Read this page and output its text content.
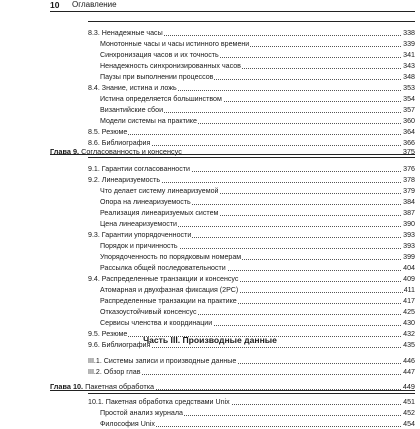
10 Оглавление
8.3. Ненадежные часы	338
Монотонные часы и часы истинного времени	339
Синхронизация часов и их точность	341
Ненадежность синхронизированных часов	343
Паузы при выполнении процессов	348
8.4. Знание, истина и ложь	353
Истина определяется большинством	354
Византийские сбои	357
Модели системы на практике	360
8.5. Резюме	364
8.6. Библиография	366
Глава 9. Согласованность и консенсус	375
9.1. Гарантии согласованности	376
9.2. Линеаризуемость	378
Что делает систему линеаризуемой	379
Опора на линеаризуемость	384
Реализация линеаризуемых систем	387
Цена линеаризуемости	390
9.3. Гарантии упорядоченности	393
Порядок и причинность	393
Упорядоченность по порядковым номерам	399
Рассылка общей последовательности	404
9.4. Распределенные транзакции и консенсус	409
Атомарная и двухфазная фиксация (2PC)	411
Распределенные транзакции на практике	417
Отказоустойчивый консенсус	425
Сервисы членства и координации	430
9.5. Резюме	432
9.6. Библиография	435
III.1. Системы записи и производные данные	446
III.2. Обзор глав	447
Глава 10. Пакетная обработка	449
10.1. Пакетная обработка средствами Unix	451
Простой анализ журнала	452
Философия Unix	454
Часть III. Производные данные
